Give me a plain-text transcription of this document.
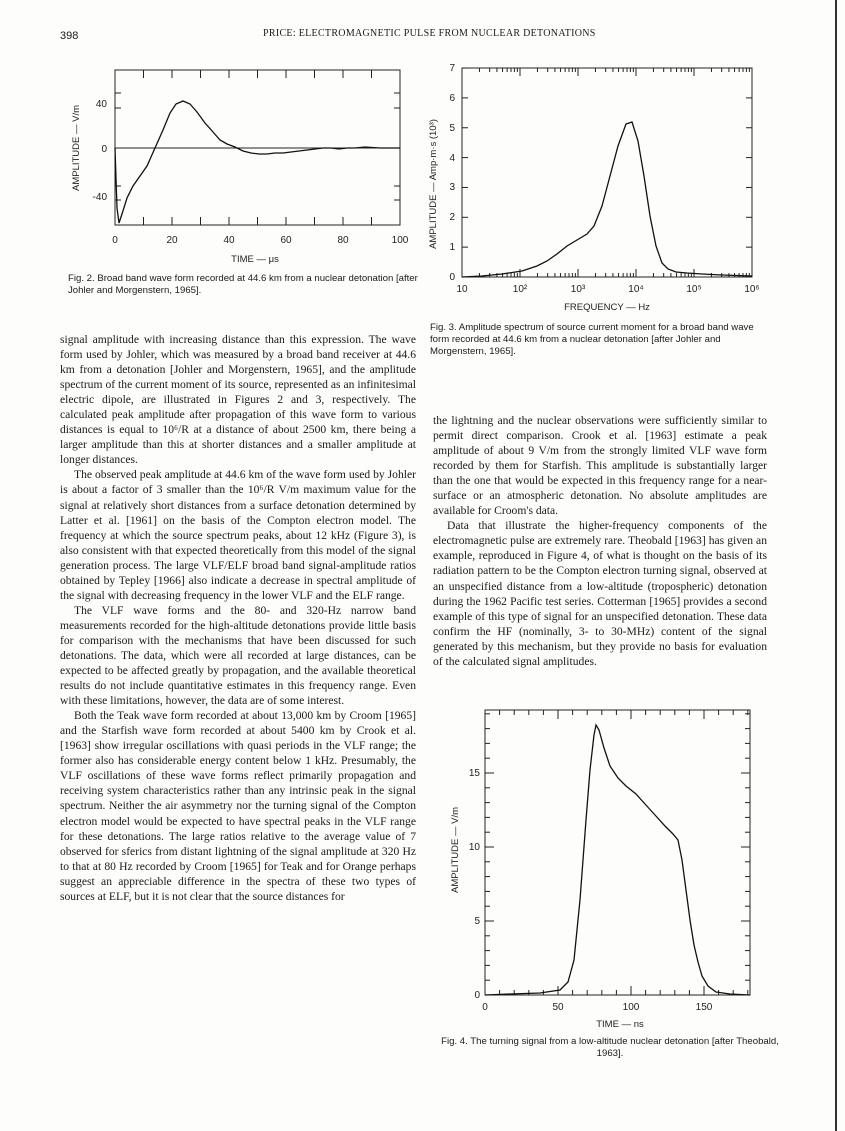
398	PRICE: ELECTROMAGNETIC PULSE FROM NUCLEAR DETONATIONS
0	20	40	60	80	100
40
0
-40
TIME — μs
AMPLITUDE — V/m
Fig. 2. Broad band wave form recorded at 44.6 km from a nuclear detonation [after Johler and Morgenstern, 1965].
7
6
5
4
3
2
1
0
10	10²	10³	10⁴	10⁵	10⁶
FREQUENCY — Hz
AMPLITUDE — Amp·m·s (10³)
Fig. 3. Amplitude spectrum of source current moment for a broad band wave form recorded at 44.6 km from a nuclear detonation [after Johler and Morgenstern, 1965].

signal amplitude with increasing distance than this expression. The wave form used by Johler, which was measured by a broad band receiver at 44.6 km from a detonation [Johler and Morgenstern, 1965], and the amplitude spectrum of the current moment of its source, represented as an infinitesimal electric dipole, are illustrated in Figures 2 and 3, respectively. The calculated peak amplitude after propagation of this wave form to various distances is equal to 10⁶/R at a distance of about 2500 km, there being a larger amplitude than this at shorter distances and a smaller amplitude at longer distances.

The observed peak amplitude at 44.6 km of the wave form used by Johler is about a factor of 3 smaller than the 10⁶/R V/m maximum value for the signal at relatively short distances from a surface detonation determined by Latter et al. [1961] on the basis of the Compton electron model. The frequency at which the source spectrum peaks, about 12 kHz (Figure 3), is also consistent with that expected theoretically from this model of the signal generation process. The large VLF/ELF broad band signal-amplitude ratios obtained by Tepley [1966] also indicate a decrease in spectral amplitude of the signal with decreasing frequency in the lower VLF and the ELF range.

The VLF wave forms and the 80- and 320-Hz narrow band measurements recorded for the high-altitude detonations provide little basis for comparison with the mechanisms that have been discussed for such detonations. The data, which were all recorded at large distances, can be expected to be affected greatly by propagation, and the available theoretical results do not include quantitative estimates in this frequency range. Even with these limitations, however, the data are of some interest.

Both the Teak wave form recorded at about 13,000 km by Croom [1965] and the Starfish wave form recorded at about 5400 km by Crook et al. [1963] show irregular oscillations with quasi periods in the VLF range; the former also has considerable energy content below 1 kHz. Presumably, the VLF oscillations of these wave forms reflect primarily propagation and receiving system characteristics rather than any intrinsic peak in the signal spectrum. Neither the air asymmetry nor the turning signal of the Compton electron model would be expected to have spectral peaks in the VLF range for these detonations. The large ratios relative to the average value of 7 observed for sferics from distant lightning of the signal amplitude at 320 Hz to that at 80 Hz recorded by Croom [1965] for Teak and for Orange perhaps suggest an appreciable difference in the spectra of these two types of sources at ELF, but it is not clear that the source distances for

the lightning and the nuclear observations were sufficiently similar to permit direct comparison. Crook et al. [1963] estimate a peak amplitude of about 9 V/m from the strongly limited VLF wave form recorded by them for Starfish. This amplitude is substantially larger than the one that would be expected in this frequency range for a near-surface or an atmospheric detonation. No absolute amplitudes are available for Croom's data.

Data that illustrate the higher-frequency components of the electromagnetic pulse are extremely rare. Theobald [1963] has given an example, reproduced in Figure 4, of what is thought on the basis of its radiation pattern to be the Compton electron turning signal, observed at an unspecified distance from a low-altitude (tropospheric) detonation during the 1962 Pacific test series. Cotterman [1965] provides a second example of this type of signal for an unspecified detonation. These data confirm the HF (nominally, 3- to 30-MHz) content of the signal generated by this mechanism, but they provide no basis for evaluation of the calculated signal amplitudes.

0
5
10
15
0	50	100	150
TIME — ns
AMPLITUDE — V/m
Fig. 4. The turning signal from a low-altitude nuclear detonation [after Theobald, 1963].
